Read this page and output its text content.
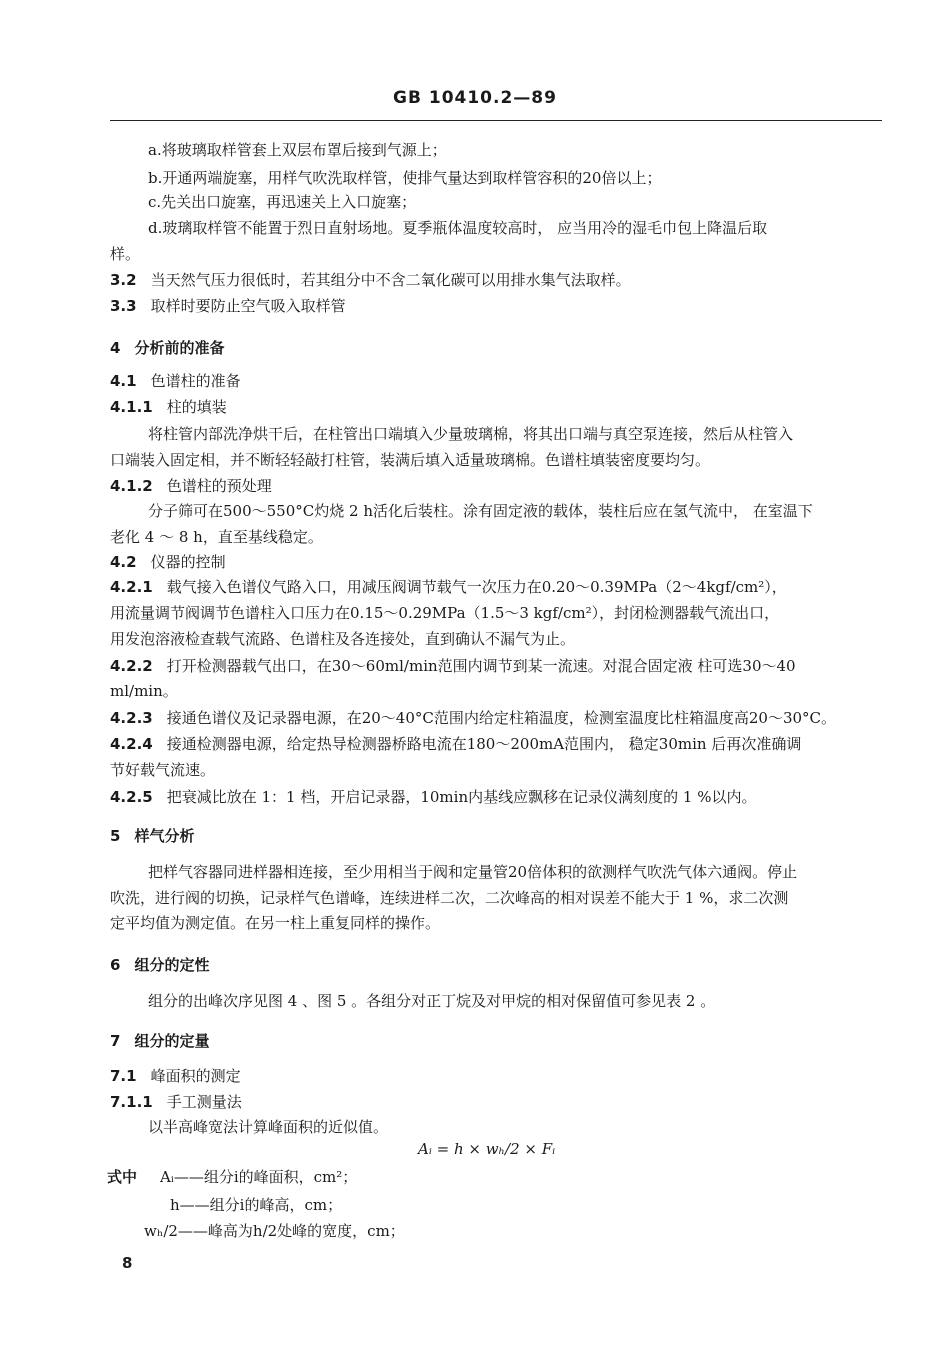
GB 10410.2—89
a.将玻璃取样管套上双层布罩后接到气源上；
b.开通两端旋塞，用样气吹洗取样管，使排气量达到取样管容积的20倍以上；
c.先关出口旋塞，再迅速关上入口旋塞；
d.玻璃取样管不能置于烈日直射场地。夏季瓶体温度较高时， 应当用冷的湿毛巾包上降温后取
样。
3.2 当天然气压力很低时，若其组分中不含二氧化碳可以用排水集气法取样。
3.3 取样时要防止空气吸入取样管
4 分析前的准备
4.1 色谱柱的准备
4.1.1 柱的填装
将柱管内部洗净烘干后，在柱管出口端填入少量玻璃棉，将其出口端与真空泵连接，然后从柱管入
口端装入固定相，并不断轻轻敲打柱管，装满后填入适量玻璃棉。色谱柱填装密度要均匀。
4.1.2 色谱柱的预处理
分子筛可在500～550°C灼烧 2 h活化后装柱。涂有固定液的载体，装柱后应在氢气流中， 在室温下
老化 4 ～ 8 h，直至基线稳定。
4.2 仪器的控制
4.2.1 载气接入色谱仪气路入口，用减压阀调节载气一次压力在0.20～0.39MPa（2～4kgf/cm²），
用流量调节阀调节色谱柱入口压力在0.15～0.29MPa（1.5～3 kgf/cm²），封闭检测器载气流出口，
用发泡溶液检查载气流路、色谱柱及各连接处，直到确认不漏气为止。
4.2.2 打开检测器载气出口，在30～60ml/min范围内调节到某一流速。对混合固定液 柱可选30～40
ml/min。
4.2.3 接通色谱仪及记录器电源，在20～40°C范围内给定柱箱温度，检测室温度比柱箱温度高20～30°C。
4.2.4 接通检测器电源，给定热导检测器桥路电流在180～200mA范围内， 稳定30min 后再次准确调
节好载气流速。
4.2.5 把衰减比放在 1：1 档，开启记录器，10min内基线应飘移在记录仪满刻度的 1 %以内。
5 样气分析
把样气容器同进样器相连接，至少用相当于阀和定量管20倍体积的欲测样气吹洗气体六通阀。停止
吹洗，进行阀的切换，记录样气色谱峰，连续进样二次，二次峰高的相对误差不能大于 1 %，求二次测
定平均值为测定值。在另一柱上重复同样的操作。
6 组分的定性
组分的出峰次序见图 4 、图 5 。各组分对正丁烷及对甲烷的相对保留值可参见表 2 。
7 组分的定量
7.1 峰面积的测定
7.1.1 手工测量法
以半高峰宽法计算峰面积的近似值。
Aᵢ = h × wₕ/2 × Fᵢ
式中 Aᵢ——组分i的峰面积，cm²；
h——组分i的峰高，cm；
wₕ/2——峰高为h/2处峰的宽度，cm；
8
